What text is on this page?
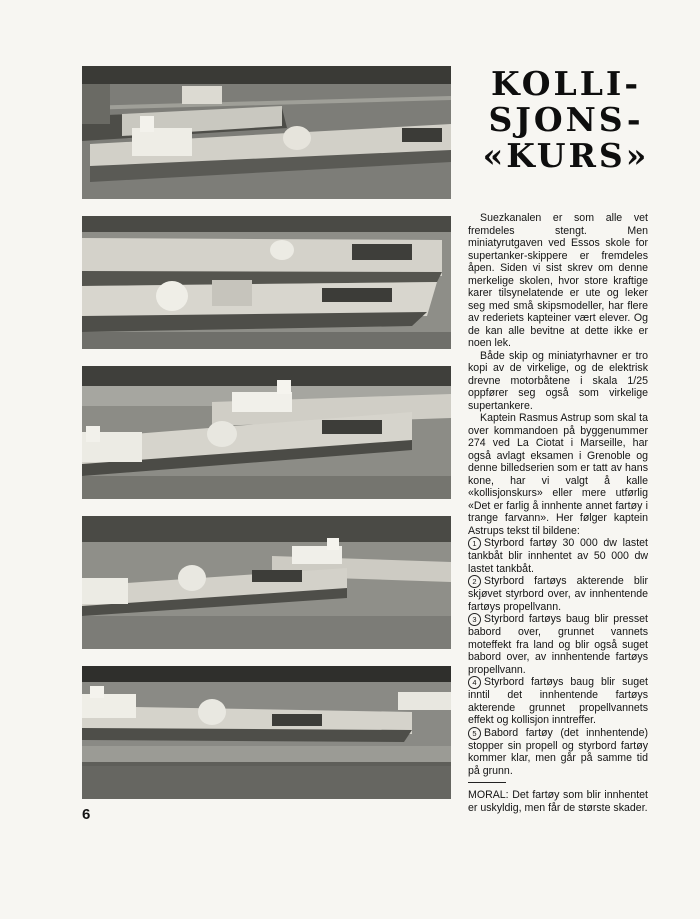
KOLLI-
SJONS-
«KURS»

Suezkanalen er som alle vet fremdeles stengt. Men miniatyrutgaven ved Essos skole for supertanker-skippere er fremdeles åpen. Siden vi sist skrev om denne merkelige skolen, hvor store kraftige karer tilsynelatende er ute og leker seg med små skipsmodeller, har flere av rederiets kapteiner vært elever. Og de kan alle bevitne at dette ikke er noen lek.

Både skip og miniatyrhavner er tro kopi av de virkelige, og de elektrisk drevne motorbåtene i skala 1/25 oppfører seg også som virkelige supertankere.

Kaptein Rasmus Astrup som skal ta over kommandoen på byggenummer 274 ved La Ciotat i Marseille, har også avlagt eksamen i Grenoble og denne billedserien som er tatt av hans kone, har vi valgt å kalle «kollisjonskurs» eller mere utførlig «Det er farlig å innhente annet fartøy i trange farvann». Her følger kaptein Astrups tekst til bildene:

1 Styrbord fartøy 30 000 dw lastet tankbåt blir innhentet av 50 000 dw lastet tankbåt.
2 Styrbord fartøys akterende blir skjøvet styrbord over, av innhentende fartøys propellvann.
3 Styrbord fartøys baug blir presset babord over, grunnet vannets moteffekt fra land og blir også suget babord over, av innhentende fartøys propellvann.
4 Styrbord fartøys baug blir suget inntil det innhentende fartøys akterende grunnet propellvannets effekt og kollisjon inntreffer.
5 Babord fartøy (det innhentende) stopper sin propell og styrbord fartøy kommer klar, men går på samme tid på grunn.

MORAL: Det fartøy som blir innhentet er uskyldig, men får de største skader.

6
